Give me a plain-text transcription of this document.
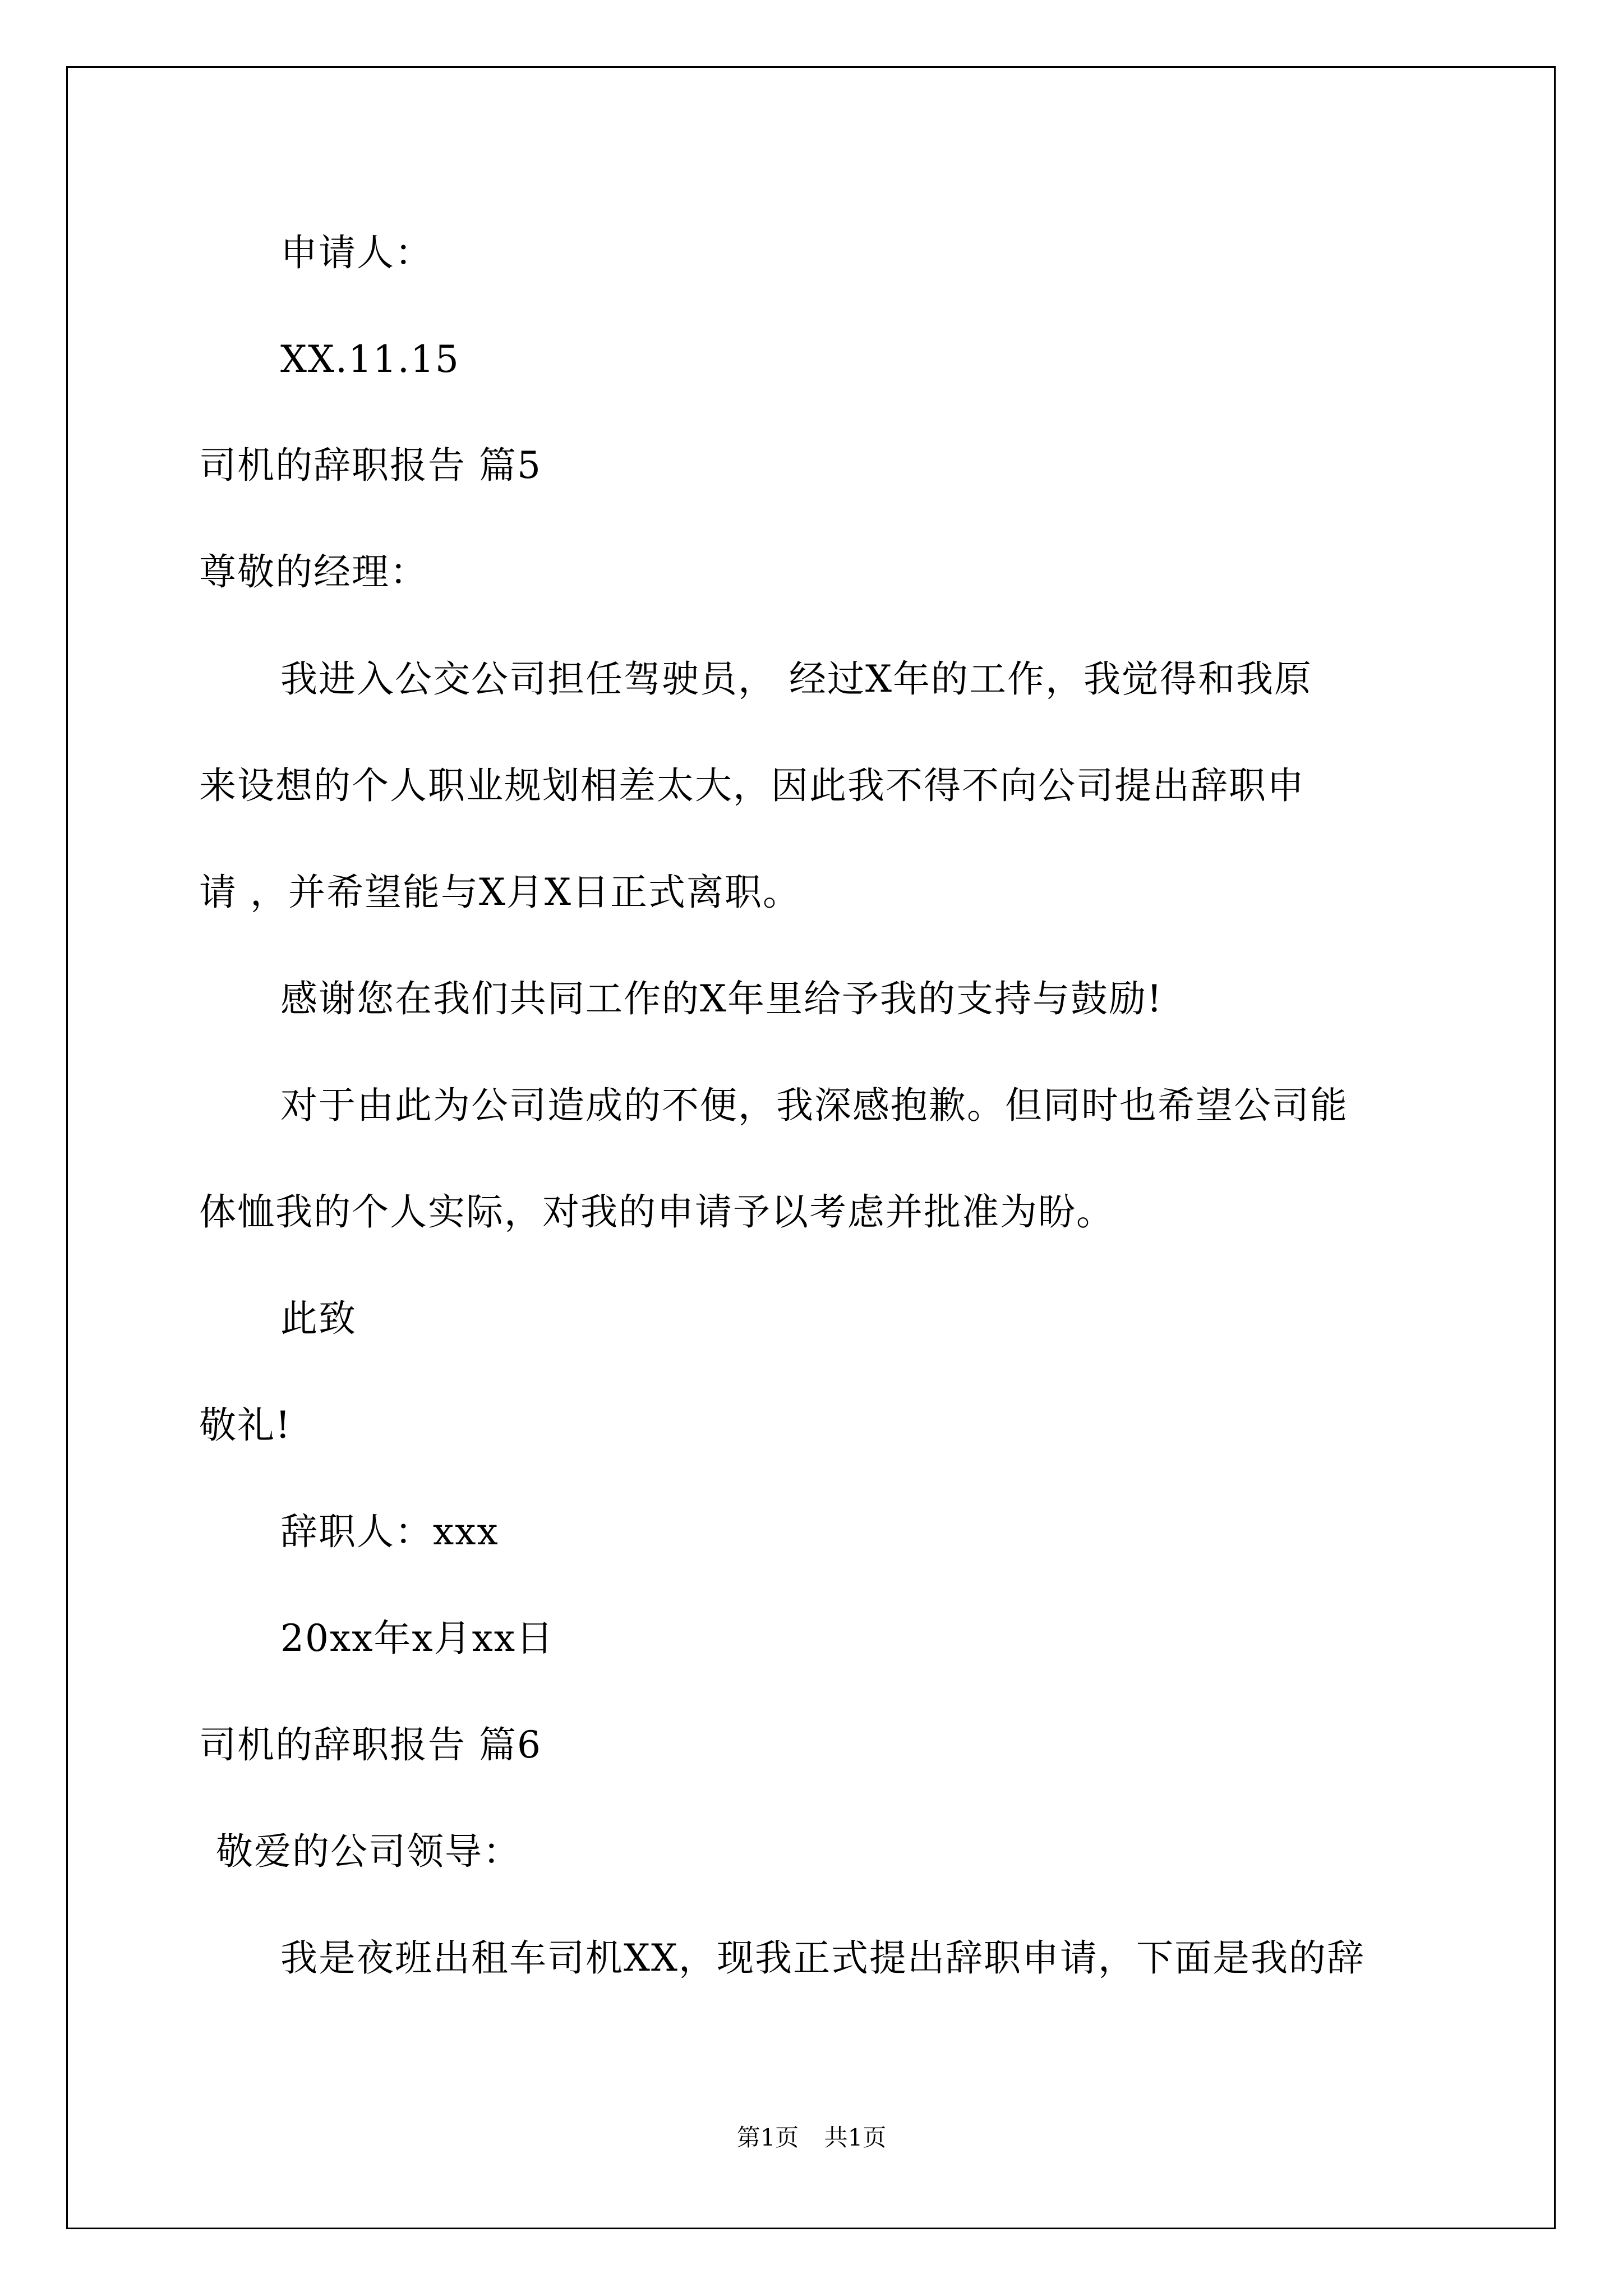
申请人：
XX.11.15
司机的辞职报告 篇5
尊敬的经理：
我进入公交公司担任驾驶员， 经过X年的工作，我觉得和我原
来设想的个人职业规划相差太大，因此我不得不向公司提出辞职申
请 ，并希望能与X月X日正式离职。
感谢您在我们共同工作的X年里给予我的支持与鼓励!
对于由此为公司造成的不便，我深感抱歉。但同时也希望公司能
体恤我的个人实际，对我的申请予以考虑并批准为盼。
此致
敬礼!
辞职人：xxx
20xx年x月xx日
司机的辞职报告 篇6
敬爱的公司领导：
我是夜班出租车司机XX，现我正式提出辞职申请，下面是我的辞
第1页 共1页
